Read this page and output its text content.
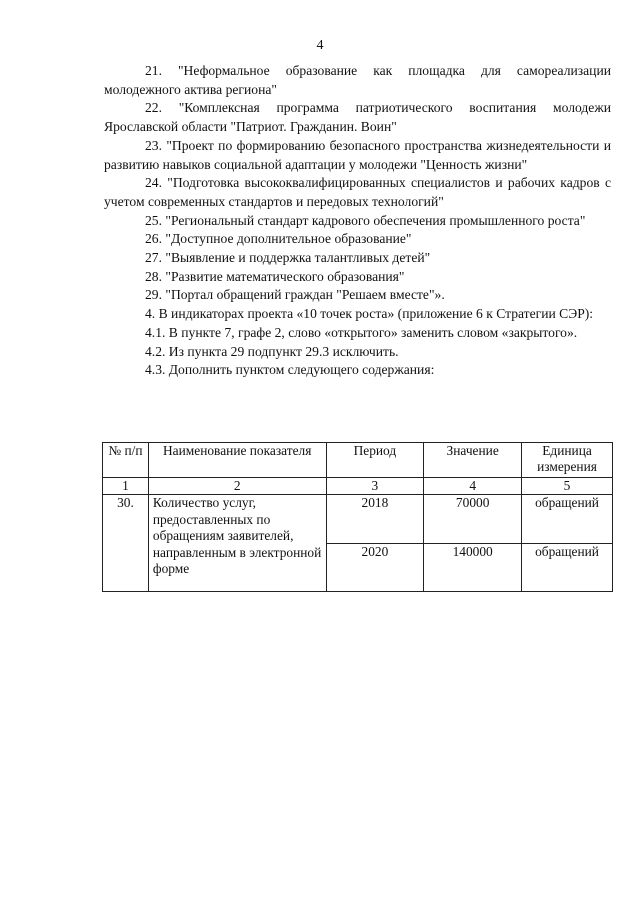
4

21. "Неформальное образование как площадка для самореализации молодежного актива региона"

22. "Комплексная программа патриотического воспитания молодежи Ярославской области "Патриот. Гражданин. Воин"

23. "Проект по формированию безопасного пространства жизнедеятельности и развитию навыков социальной адаптации у молодежи "Ценность жизни"

24. "Подготовка высококвалифицированных специалистов и рабочих кадров с учетом современных стандартов и передовых технологий"

25. "Региональный стандарт кадрового обеспечения промышленного роста"

26. "Доступное дополнительное образование"

27. "Выявление и поддержка талантливых детей"

28. "Развитие математического образования"

29. "Портал обращений граждан "Решаем вместе"».

4. В индикаторах проекта «10 точек роста» (приложение 6 к Стратегии СЭР):

4.1. В пункте 7, графе 2, слово «открытого» заменить словом «закрытого».

4.2. Из пункта 29 подпункт 29.3 исключить.

4.3. Дополнить пунктом следующего содержания:

№ п/п	Наименование показателя	Период	Значение	Единица измерения
1	2	3	4	5
30.	Количество услуг, предоставленных по обращениям заявителей, направленным в электронной форме	2018	70000	обращений
		2020	140000	обращений
